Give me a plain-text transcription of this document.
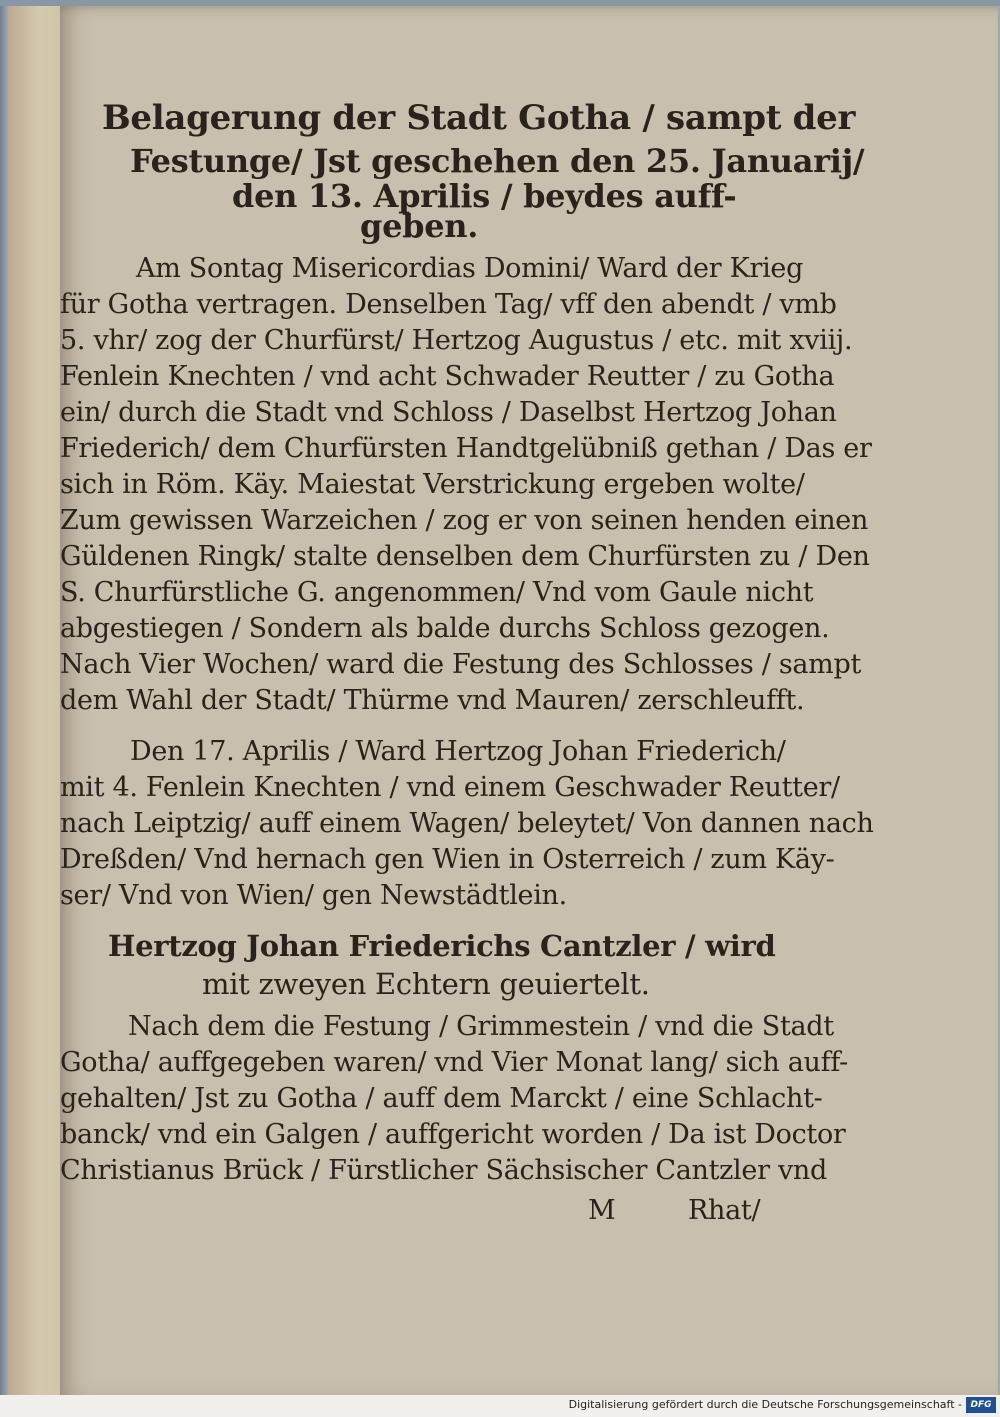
Belagerung der Stadt Gotha / sampt der
Festunge/ Jst geschehen den 25. Januarij/
den 13. Aprilis / beydes auff-
geben.
Am Sontag Misericordias Domini/ Ward der Krieg
für Gotha vertragen. Denselben Tag/ vff den abendt / vmb
5. vhr/ zog der Churfürst/ Hertzog Augustus / etc. mit xviij.
Fenlein Knechten / vnd acht Schwader Reutter / zu Gotha
ein/ durch die Stadt vnd Schloss / Daselbst Hertzog Johan
Friederich/ dem Churfürsten Handtgelübniß gethan / Das er
sich in Röm. Käy. Maiestat Verstrickung ergeben wolte/
Zum gewissen Warzeichen / zog er von seinen henden einen
Güldenen Ringk/ stalte denselben dem Churfürsten zu / Den
S. Churfürstliche G. angenommen/ Vnd vom Gaule nicht
abgestiegen / Sondern als balde durchs Schloss gezogen.
Nach Vier Wochen/ ward die Festung des Schlosses / sampt
dem Wahl der Stadt/ Thürme vnd Mauren/ zerschleufft.
Den 17. Aprilis / Ward Hertzog Johan Friederich/
mit 4. Fenlein Knechten / vnd einem Geschwader Reutter/
nach Leiptzig/ auff einem Wagen/ beleytet/ Von dannen nach
Dreßden/ Vnd hernach gen Wien in Osterreich / zum Käy-
ser/ Vnd von Wien/ gen Newstädtlein.
Hertzog Johan Friederichs Cantzler / wird
mit zweyen Echtern geuiertelt.
Nach dem die Festung / Grimmestein / vnd die Stadt
Gotha/ auffgegeben waren/ vnd Vier Monat lang/ sich auff-
gehalten/ Jst zu Gotha / auff dem Marckt / eine Schlacht-
banck/ vnd ein Galgen / auffgericht worden / Da ist Doctor
Christianus Brück / Fürstlicher Sächsischer Cantzler vnd
M	Rhat/
Digitalisierung gefördert durch die Deutsche Forschungsgemeinschaft - DFG
